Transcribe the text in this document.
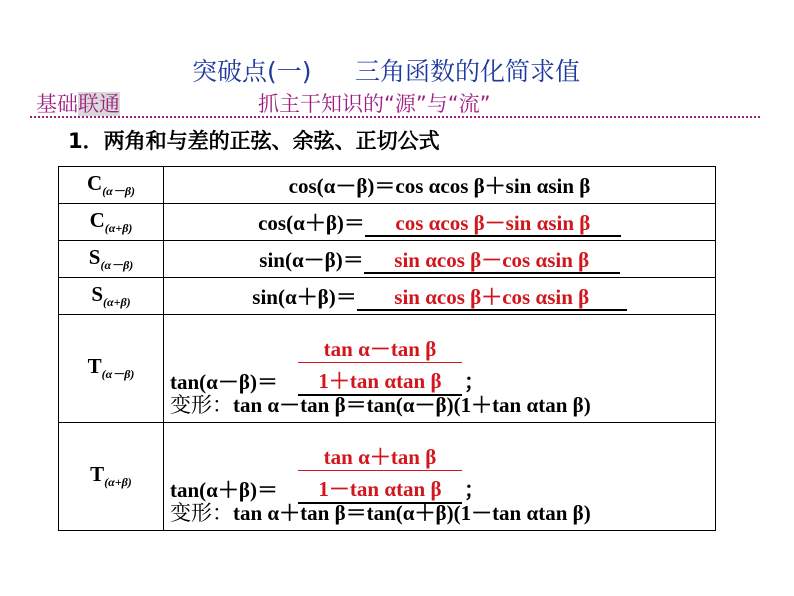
突破点(一) 三角函数的化简求值
基础联通	抓主干知识的“源”与“流”
1．两角和与差的正弦、余弦、正切公式
$C_{(\alpha-\beta)}$	cos(α－β)＝cos αcos β＋sin αsin β
$C_{(\alpha+\beta)}$	cos(α＋β)＝ cos αcos β－sin αsin β
$S_{(\alpha-\beta)}$	sin(α－β)＝ sin αcos β－cos αsin β
$S_{(\alpha+\beta)}$	sin(α＋β)＝ sin αcos β＋cos αsin β
$T_{(\alpha-\beta)}$	tan(α－β)＝
tan α－tan β
1＋tan αtan β ；
变形：tan α－tan β＝tan(α－β)(1＋tan αtan β)

$T_{(\alpha+\beta)}$	tan(α＋β)＝
tan α＋tan β
1－tan αtan β ；
变形：tan α＋tan β＝tan(α＋β)(1－tan αtan β)
